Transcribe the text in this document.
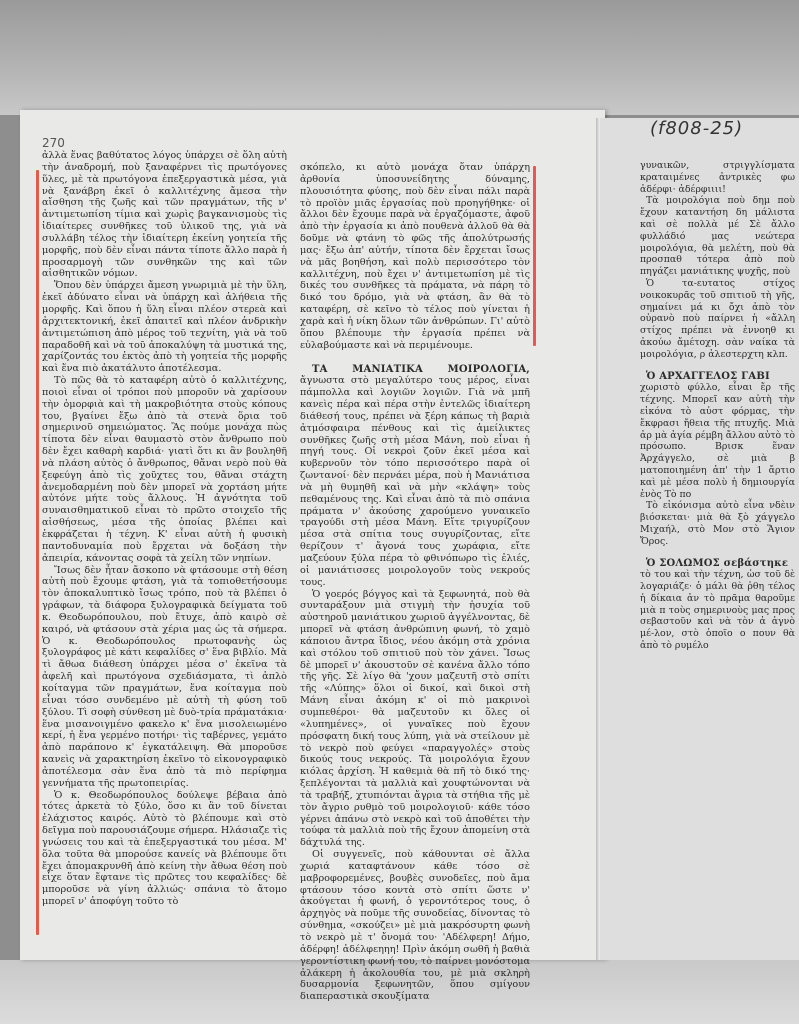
270
(f808-25)

ἀλλὰ ἕνας βαθύτατος λόγος ὑπάρχει σὲ ὅλη αὐτὴ τὴν ἀναδρομή, ποὺ ξαναφέρνει τὶς πρωτόγονες ὕλες, μὲ τὰ πρωτόγονα ἐπεξεργαστικὰ μέσα, γιὰ νὰ ξανάβρη ἐκεῖ ὁ καλλιτέχνης ἄμεσα τὴν αἴσθηση τῆς ζωῆς καὶ τῶν πραγμάτων, τῆς ν' ἀντιμετωπίση τίμια καὶ χωρὶς βαγκανισμοὺς τὶς ἰδιαίτερες συνθῆκες τοῦ ὑλικοῦ της, γιὰ νὰ συλλάβη τέλος τὴν ἰδιαίτερη ἐκείνη γοητεία τῆς μορφῆς, ποὺ δὲν εἶναι πάντα τίποτε ἄλλο παρὰ ἡ προσαρμογὴ τῶν συνθηκῶν της καὶ τῶν αἰσθητικῶν νόμων.

Ὅπου δὲν ὑπάρχει ἄμεση γνωριμιὰ μὲ τὴν ὕλη, ἐκεῖ ἀδύνατο εἶναι νὰ ὑπάρχη καὶ ἀλήθεια τῆς μορφῆς. Καὶ ὅπου ἡ ὕλη εἶναι πλέον στερεὰ καὶ ἀρχιτεκτονική, ἐκεῖ ἀπαιτεῖ καὶ πλέον ἀνδρικὴν ἀντιμετώπιση ἀπὸ μέρος τοῦ τεχνίτη, γιὰ νὰ τοῦ παραδοθῆ καὶ νὰ τοῦ ἀποκαλύψη τὰ μυστικά της, χαρίζοντάς του ἐκτὸς ἀπὸ τὴ γοητεία τῆς μορφῆς καὶ ἕνα πιὸ ἀκατάλυτο ἀποτέλεσμα.

Τὸ πῶς θὰ τὸ καταφέρη αὐτὸ ὁ καλλιτέχνης, ποιοὶ εἶναι οἱ τρόποι ποὺ μποροῦν νὰ χαρίσουν τὴν ὁμορφιὰ καὶ τὴ μακροβιότητα στοὺς κόπους του, βγαίνει ἔξω ἀπὸ τὰ στενὰ ὅρια τοῦ σημερινοῦ σημειώματος. Ἂς πούμε μονάχα πὼς τίποτα δὲν εἶναι θαυμαστὸ στὸν ἄνθρωπο ποὺ δὲν ἔχει καθαρὴ καρδιά· γιατὶ ὅτι κι ἂν βουληθῆ νὰ πλάση αὐτὸς ὁ ἄνθρωπος, θἄναι νερὸ ποὺ θὰ ξεφεύγη ἀπὸ τὶς χοῦχτες του, θἄναι στάχτη ἀνεμοδαρμένη ποὺ δὲν μπορεῖ νὰ χορτάση μήτε αὐτόνε μήτε τοὺς ἄλλους. Ἡ ἀγνότητα τοῦ συναισθηματικοῦ εἶναι τὸ πρῶτο στοιχεῖο τῆς αἰσθήσεως, μέσα τῆς ὁποίας βλέπει καὶ ἐκφράζεται ἡ τέχνη. Κ' εἶναι αὐτὴ ἡ φυσικὴ παντοδυναμία ποὺ ἔρχεται νὰ δοξάση τὴν ἀπειρία, κάνοντας σοφὰ τὰ χείλη τῶν νηπίων.

Ἴσως δὲν ἦταν ἄσκοπο νὰ φτάσουμε στὴ θέση αὐτὴ ποὺ ἔχουμε φτάση, γιὰ τὰ τοπιοθετήσουμε τὸν ἀποκαλυπτικὸ ἴσως τρόπο, ποὺ τὰ βλέπει ὁ γράφων, τὰ διάφορα ξυλογραφικὰ δείγματα τοῦ κ. Θεοδωρόπουλου, ποὺ ἔτυχε, ἀπὸ καιρὸ σὲ καιρό, νὰ φτάσουν στὰ χέρια μας ὡς τὰ σήμερα. Ὁ κ. Θεοδωρόπουλος πρωτοφανὴς ὡς ξυλογράφος μὲ κάτι κεφαλίδες σ' ἕνα βιβλίο. Μὰ τὶ ἄθωα διάθεση ὑπάρχει μέσα σ' ἐκεῖνα τὰ ἀφελῆ καὶ πρωτόγονα σχεδιάσματα, τὶ ἁπλὸ κοίταγμα τῶν πραγμάτων, ἕνα κοίταγμα ποὺ εἶναι τόσο συνδεμένο μὲ αὐτὴ τὴ φύση τοῦ ξύλου. Τὶ σοφὴ σύνθεση μὲ δυὸ-τρία πράματάκια· ἕνα μισανοιγμένο φακελο κ' ἕνα μισολειωμένο κερί, ἡ ἕνα γερμένο ποτήρι· τὶς ταβέρνες, γεμάτο ἀπὸ παράπονο κ' ἐγκατάλειψη. Θὰ μποροῦσε κανεὶς νὰ χαρακτηρίση ἐκεῖνο τὸ εἰκονογραφικὸ ἀποτέλεσμα σὰν ἕνα ἀπὸ τὰ πιὸ περίφημα γεννήματα τῆς πρωτοπειρίας.

Ὁ κ. Θεοδωρόπουλος δούλεψε βέβαια ἀπὸ τότες ἀρκετὰ τὸ ξύλο, ὅσο κι ἂν τοῦ δίνεται ἐλάχιστος καιρός. Αὐτὸ τὸ βλέπουμε καὶ στὸ δεῖγμα ποὺ παρουσιάζουμε σήμερα. Ηλάσιαζε τὶς γνώσεις του καὶ τὰ ἐπεξεργαστικά του μέσα. Μ' ὅλα τοῦτα θὰ μπορούσε κανείς νὰ βλέπουμε ὅτι ἔχει ἀπομακρυνθῆ ἀπὸ κείνη τὴν ἄθωα θέση ποὺ εἶχε ὅταν ἔφτανε τὶς πρῶτες του κεφαλίδες· δὲ μποροῦσε νὰ γίνη ἀλλιώς· σπάνια τὸ ἄτομο μπορεῖ ν' ἀποφύγη τοῦτο τὸ

σκόπελο, κι αὐτὸ μονάχα ὅταν ὑπάρχη ἀρθονία ὑποσυνείδητης δύναμης, πλουσιότητα φύσης, ποὺ δὲν εἶναι πάλι παρὰ τὸ προϊὸν μιᾶς ἐργασίας ποὺ προηγήθηκε· οἱ ἄλλοι δὲν ἔχουμε παρὰ νὰ ἐργαζόμαστε, ἀφοῦ ἀπὸ τὴν ἐργασία κι ἀπὸ πουθενὰ ἀλλοῦ θὰ θὰ δοῦμε νὰ φτάνη τὸ φῶς τῆς ἀπολύτρωσής μας· ἔξω ἀπ' αὐτήν, τίποτα δὲν ἔρχεται ἴσως νὰ μᾶς βοηθήση, καὶ πολὺ περισσότερο τὸν καλλιτέχνη, ποὺ ἔχει ν' ἀντιμετωπίση μὲ τὶς δικές του συνθῆκες τὰ πράματα, νὰ πάρη τὸ δικό του δρόμο, γιὰ νὰ φτάση, ἂν θὰ τὸ καταφέρη, σὲ κεῖνο τὸ τέλος ποὺ γίνεται ἡ χαρὰ καὶ ἡ νίκη ὅλων τῶν ἀνθρώπων. Γι' αὐτὸ ὅπου βλέπουμε τὴν ἐργασία πρέπει νὰ εὐλαβούμαστε καὶ νὰ περιμένουμε.

ΤΑ ΜΑΝΙΑΤΙΚΑ ΜΟΙΡΟΛΟΓΙΑ, ἄγνωστα στὸ μεγαλύτερο τους μέρος, εἶναι πάμπολλα καὶ λογιῶν λογιῶν. Γιὰ νὰ μπῆ κανεὶς πέρα καὶ πέρα στὴν ἐντελῶς ἰδιαίτερη διάθεσή τους, πρέπει νὰ ξέρη κάπως τὴ βαριὰ ἀτμόσφαιρα πένθους καὶ τὶς ἀμείλικτες συνθῆκες ζωῆς στὴ μέσα Μάνη, ποὺ εἶναι ἡ πηγή τους. Οἱ νεκροὶ ζοῦν ἐκεῖ μέσα καὶ κυβερνοῦν τὸν τόπο περισσότερο παρὰ οἱ ζωντανοί· δὲν περνάει μέρα, ποὺ ἡ Μανιάτισα νὰ μὴ θυμηθῆ καὶ νὰ μὴν «κλάψη» τοὺς πεθαμένους της. Καὶ εἶναι ἀπὸ τὰ πιὸ σπάνια πράματα ν' ἀκούσης χαρούμενο γυναικεῖο τραγούδι στὴ μέσα Μάνη. Εἴτε τριγυρίζουν μέσα στὰ σπίτια τους συγυρίζοντας, εἴτε θερίζουν τ' ἄγονά τους χωράφια, εἴτε μαζεύουν ξύλα πέρα τὸ φθινόπωρο τὶς ἐλιές, οἱ μανιάτισσες μοιρολογοῦν τοὺς νεκρούς τους.

Ὁ γοερός βόγγος καὶ τὰ ξεφωνητά, ποὺ θὰ συνταράξουν μιὰ στιγμὴ τὴν ἡσυχία τοῦ αὐστηροῦ μανιάτικου χωριοῦ ἀγγέλνοντας, δὲ μπορεῖ νὰ φτάση ἀνθρώπινη φωνή, τὸ χαμὸ κάποιου ἄντρα ἴδιος, νέου ἀκόμη στὰ χρόνια καὶ στόλου τοῦ σπιτιοῦ ποὺ τὸν χάνει. Ἴσως δὲ μπορεῖ ν' ἀκουστοῦν σὲ κανένα ἄλλο τόπο τῆς γῆς. Σὲ λίγο θὰ 'χουν μαζευτῆ στὸ σπίτι τῆς «Λύπης» ὅλοι οἱ δικοί, καὶ δικοὶ στὴ Μάνη εἶναι ἀκόμη κ' οἱ πιὸ μακρινοὶ συμπεθέροι· θὰ μαζευτοῦν κι ὅλες οἱ «λυπημένες», οἱ γυναῖκες ποὺ ἔχουν πρόσφατη δική τους λύπη, γιὰ νὰ στείλουν μὲ τὸ νεκρὸ ποὺ φεύγει «παραγγολές» στοὺς δικούς τους νεκρούς. Τὰ μοιρολόγια ἔχουν κιόλας ἀρχίση. Ἡ καθεμιὰ θὰ πῆ τὸ δικό της· ξεπλέγονται τὰ μαλλιὰ καὶ χουφτώνονται νὰ τὰ τραβήξ, χτυπιόνται ἄγρια τὰ στήθια τῆς μὲ τὸν ἄγριο ρυθμὸ τοῦ μοιρολογιοῦ· κάθε τόσο γέρνει ἀπάνω στὸ νεκρὸ καὶ τοῦ ἀποθέτει τὴν τούφα τὰ μαλλιὰ ποὺ τῆς ἔχουν ἀπομείνη στὰ δάχτυλά της.

Οἱ συγγενεῖς, ποὺ κάθουνται σὲ ἄλλα χωριά καταφτάνουν κάθε τόσο σὲ μαβροφορεμένες, βουβὲς συνοδεῖες, ποὺ ἄμα φτάσουν τόσο κοντὰ στὸ σπίτι ὥστε ν' ἀκούγεται ἡ φωνή, ὁ γεροντότερος τους, ὁ ἀρχηγὸς νὰ ποῦμε τῆς συνοδείας, δίνοντας τὸ σύνθημα, «σκούζει» μὲ μιὰ μακρόσυρτη φωνὴ τὸ νεκρὸ μὲ τ' ὄνομά του· 'Αδέλφερη! Δήμο, ἀδέρφη! ἀδέλφεηηη! Πρὶν ἀκόμη σωθῆ ἡ βαθιὰ γεροντίστικη φωνή του, τὸ παίρνει μονόστομα ἀλάκερη ἡ ἀκολουθία του, μὲ μιὰ σκληρὴ δυσαρμονία ξεφωνητῶν, ὅπου σμίγουν διαπεραστικὰ σκουξίματα

γυναικῶν, στριγγλίσματα κραταιμένες ἀντρικὲς φω ἀδέρφι· ἀδέρφιιιι!

Τὰ μοιρολόγια ποὺ δημ ποὺ ἔχουν καταντήση δη μάλιστα καὶ σὲ πολλὰ μέ Σὲ ἄλλο φυλλάδιό μας νεώτερα μοιρολόγια, θὰ μελέτη, ποὺ θὰ προσπαθ τότερα ἀπὸ ποὺ πηγάζει μανιάτικης ψυχῆς, ποὺ

Ὁ τα-ευτατος στίχος νοικοκυρᾶς τοῦ σπιτιοῦ τὴ γῆς, σημαίνει μά κι ὄχι ἀπὸ τὸν οὐρανὸ ποὺ παίρνει ἡ «ἄλλη στίχος πρέπει νὰ ἐννοηθ κι ἀκούω ἄμέτοχη. σὰν ναίκα τὰ μοιρολόγια, ρ ἀλεστερχτη κλπ.

Ὁ ΑΡΧΑΓΓΕΛΟΣ ΓΑΒΙ

χωριστὸ φύλλο, εἶναι ἔρ τῆς τέχνης. Μπορεῖ καν αὐτὴ τὴν εἰκόνα τὸ αὐστ φόρμας, τὴν ἔκφρασι ἤθεια τῆς πτυχῆς. Μιὰ ἀρ μὰ ἀγία ρέμβη ἄλλου αὐτὸ τὸ πρόσωπο. Βρισκ ἕναν Ἀρχάγγελο, σὲ μιὰ β ματοποιημένη ἀπ' τὴν 1 ἄρτιο καὶ μὲ μέσα πολὺ ἡ δημιουργία ἑνὸς Τὸ πο

Τὸ εἰκόνισμα αὐτὸ εἶνα νδὲιν βιόσκεται· μιὰ θὰ ξὸ χάγγελο Μιχαήλ, στὸ Μον στὸ Ἅγιον Ὄρος.

Ὁ ΣΟΛΩΜΟΣ σεβάστηκε

τὸ του καὶ τὴν τέχνη, ὡσ τοῦ δὲ λογαριάζε· ὁ μάλι θὰ ῥθη τέλος ἡ δίκαια ἀν τὸ πρᾶμα θαροῦμε μιὰ π τοὺς σημερινοὺς μας προς σεβαστοῦν καὶ νὰ τὸν ἀ ἀγνὸ μέ-λον, στὸ ὁποῖο ο πουν θὰ ἀπὸ τὸ ρυμέλο
